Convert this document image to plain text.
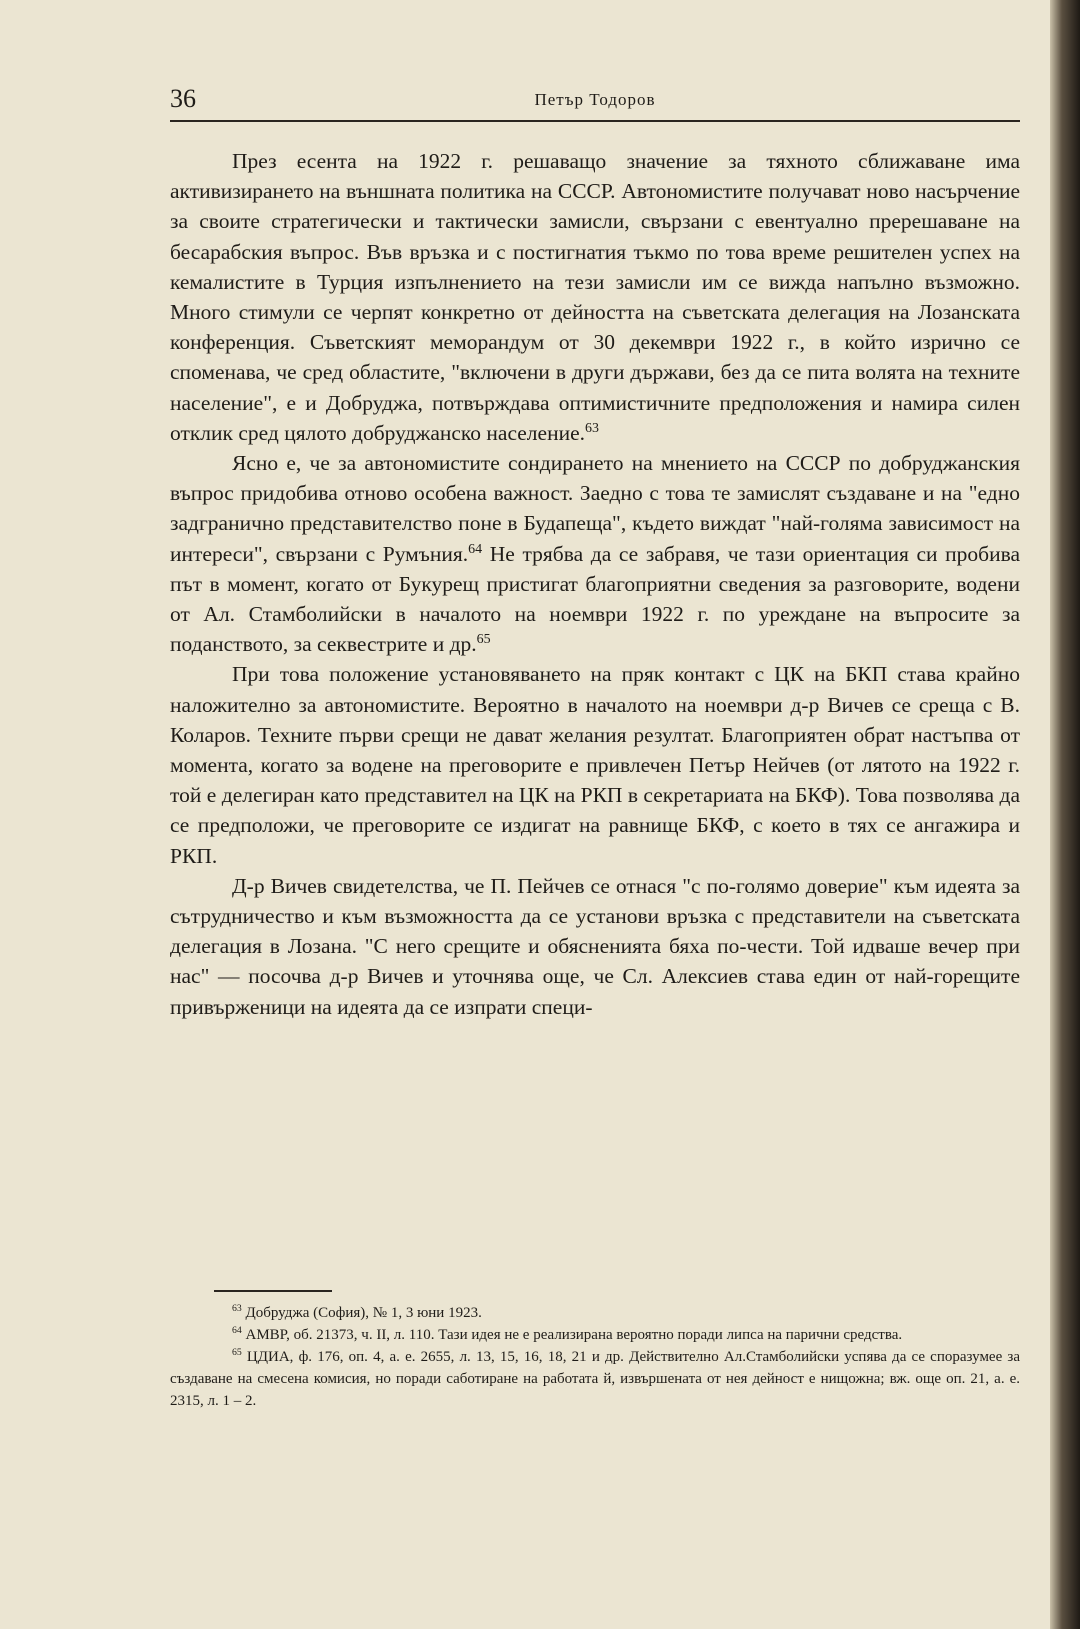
36	Петър Тодоров

През есента на 1922 г. решаващо значение за тяхното сближаване има активизирането на външната политика на СССР. Автономистите получават ново насърчение за своите стратегически и тактически замисли, свързани с евентуално пререшаване на бесарабския въпрос. Във връзка и с постигнатия тъкмо по това време решителен успех на кемалистите в Турция изпълнението на тези замисли им се вижда напълно възможно. Много стимули се черпят конкретно от дейността на съветската делегация на Лозанската конференция. Съветският меморандум от 30 декември 1922 г., в който изрично се споменава, че сред областите, "включени в други държави, без да се пита волята на техните население", е и Добруджа, потвърждава оптимистичните предположения и намира силен отклик сред цялото добруджанско население.$^{63}$

Ясно е, че за автономистите сондирането на мнението на СССР по добруджанския въпрос придобива отново особена важност. Заедно с това те замислят създаване и на "едно задгранично представителство поне в Будапеща", където виждат "най-голяма зависимост на интереси", свързани с Румъния.$^{64}$ Не трябва да се забравя, че тази ориентация си пробива път в момент, когато от Букурещ пристигат благоприятни сведения за разговорите, водени от Ал. Стамболийски в началото на ноември 1922 г. по уреждане на въпросите за поданството, за секвестрите и др.$^{65}$

При това положение установяването на пряк контакт с ЦК на БКП става крайно наложително за автономистите. Вероятно в началото на ноември д-р Вичев се среща с В. Коларов. Техните първи срещи не дават желания резултат. Благоприятен обрат настъпва от момента, когато за водене на преговорите е привлечен Петър Нейчев (от лятото на 1922 г. той е делегиран като представител на ЦК на РКП в секретариата на БКФ). Това позволява да се предположи, че преговорите се издигат на равнище БКФ, с което в тях се ангажира и РКП.

Д-р Вичев свидетелства, че П. Пейчев се отнася "с по-голямо доверие" към идеята за сътрудничество и към възможността да се установи връзка с представители на съветската делегация в Лозана. "С него срещите и обясненията бяха по-чести. Той идваше вечер при нас" — посочва д-р Вичев и уточнява още, че Сл. Алексиев става един от най-горещите привърженици на идеята да се изпрати специ-

$^{63}$ Добруджа (София), № 1, 3 юни 1923.

$^{64}$ АМВР, об. 21373, ч. II, л. 110. Тази идея не е реализирана вероятно поради липса на парични средства.

$^{65}$ ЦДИА, ф. 176, оп. 4, а. е. 2655, л. 13, 15, 16, 18, 21 и др. Действително Ал.Стамболийски успява да се споразумее за създаване на смесена комисия, но поради саботиране на работата й, извършената от нея дейност е нищожна; вж. още оп. 21, а. е. 2315, л. 1 – 2.
